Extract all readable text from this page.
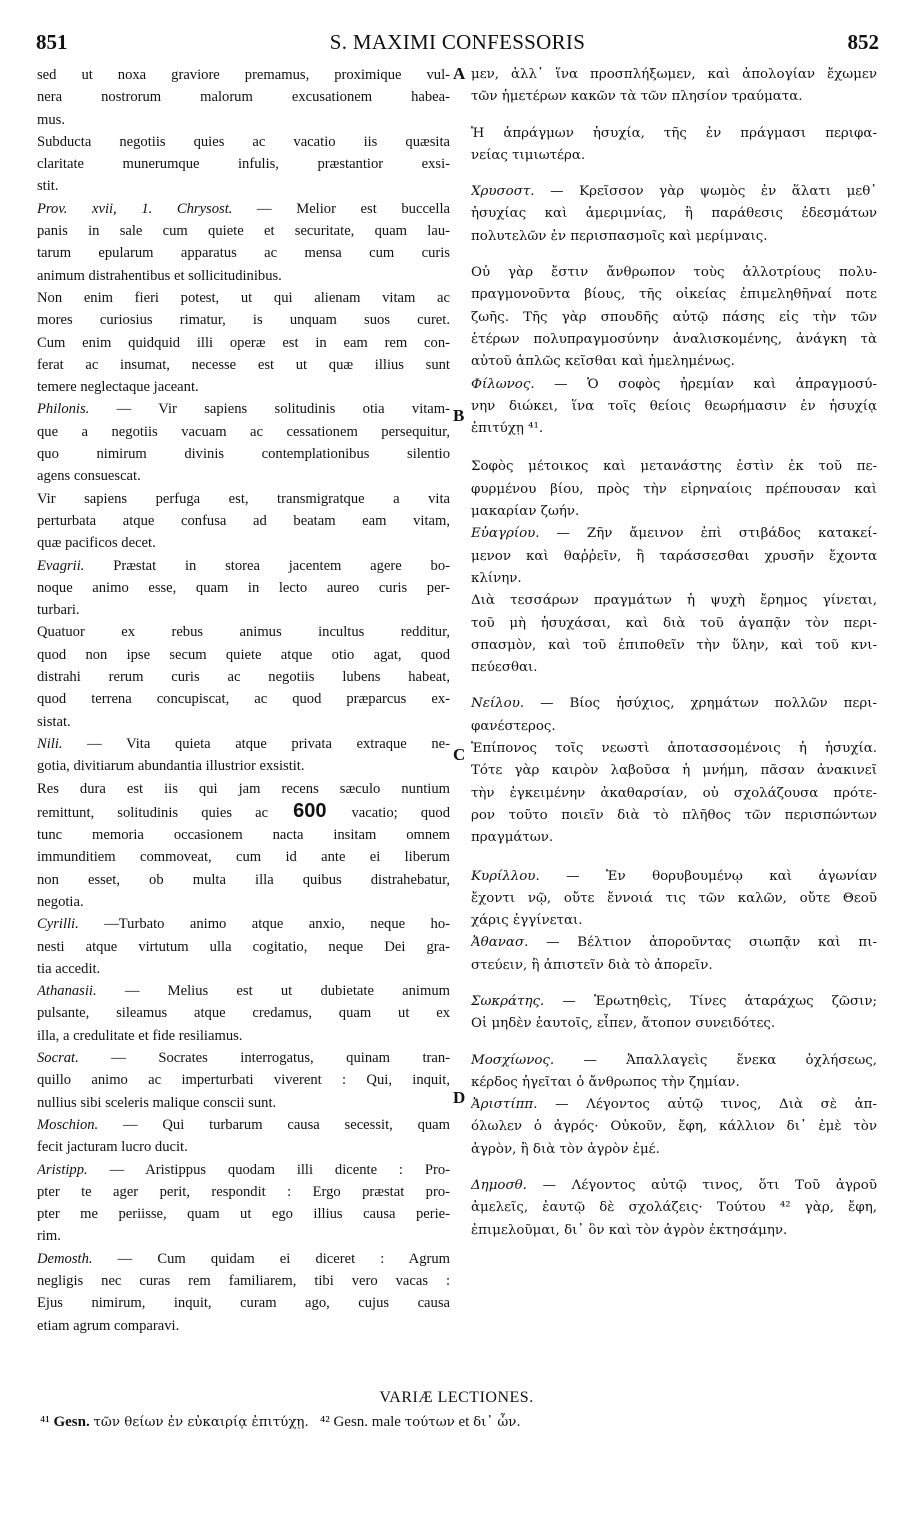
851	S. MAXIMI CONFESSORIS	852
A
B
C
D
sed ut noxa graviore premamus, proximique vul-
nera nostrorum malorum excusationem habea-
mus.
Subducta negotiis quies ac vacatio iis quæsita
claritate munerumque infulis, præstantior exsi-
stit.
Prov. xvii, 1. Chrysost. — Melior est buccella
panis in sale cum quiete et securitate, quam lau-
tarum epularum apparatus ac mensa cum curis
animum distrahentibus et sollicitudinibus.
Non enim fieri potest, ut qui alienam vitam ac
mores curiosius rimatur, is unquam suos curet.
Cum enim quidquid illi operæ est in eam rem con-
ferat ac insumat, necesse est ut quæ illius sunt
temere neglectaque jaceant.
Philonis. — Vir sapiens solitudinis otia vitam-
que a negotiis vacuam ac cessationem persequitur,
quo nimirum divinis contemplationibus silentio
agens consuescat.
Vir sapiens perfuga est, transmigratque a vita
perturbata atque confusa ad beatam eam vitam,
quæ pacificos decet.
Evagrii. Præstat in storea jacentem agere bo-
noque animo esse, quam in lecto aureo curis per-
turbari.
Quatuor ex rebus animus incultus redditur,
quod non ipse secum quiete atque otio agat, quod
distrahi rerum curis ac negotiis lubens habeat,
quod terrena concupiscat, ac quod præparcus ex-
sistat.
Nili. — Vita quieta atque privata extraque ne-
gotia, divitiarum abundantia illustrior exsistit.
Res dura est iis qui jam recens sæculo nuntium
remittunt, solitudinis quies ac 600 vacatio; quod
tunc memoria occasionem nacta insitam omnem
immunditiem commoveat, cum id ante ei liberum
non esset, ob multa illa quibus distrahebatur,
negotia.
Cyrilli. —Turbato animo atque anxio, neque ho-
nesti atque virtutum ulla cogitatio, neque Dei gra-
tia accedit.
Athanasii. — Melius est ut dubietate animum
pulsante, sileamus atque credamus, quam ut ex
illa, a credulitate et fide resiliamus.
Socrat. — Socrates interrogatus, quinam tran-
quillo animo ac imperturbati viverent : Qui, inquit,
nullius sibi sceleris malique conscii sunt.
Moschion. — Qui turbarum causa secessit, quam
fecit jacturam lucro ducit.
Aristipp. — Aristippus quodam illi dicente : Pro-
pter te ager perit, respondit : Ergo præstat pro-
pter me periisse, quam ut ego illius causa perie-
rim.
Demosth. — Cum quidam ei diceret : Agrum
negligis nec curas rem familiarem, tibi vero vacas :
Ejus nimirum, inquit, curam ago, cujus causa
etiam agrum comparavi.
μεν, ἀλλ᾽ ἵνα προσπλήξωμεν, καὶ ἀπολογίαν ἔχωμεν
τῶν ἡμετέρων κακῶν τὰ τῶν πλησίον τραύματα.
Ἡ ἀπράγμων ἡσυχία, τῆς ἐν πράγμασι περιφα-
νείας τιμιωτέρα.
Χρυσοστ. — Κρεῖσσον γὰρ ψωμὸς ἐν ἅλατι μεθ᾽
ἡσυχίας καὶ ἀμεριμνίας, ἢ παράθεσις ἐδεσμάτων
πολυτελῶν ἐν περισπασμοῖς καὶ μερίμναις.
Οὐ γὰρ ἔστιν ἄνθρωπον τοὺς ἀλλοτρίους πολυ-
πραγμονοῦντα βίους, τῆς οἰκείας ἐπιμεληθῆναί ποτε
ζωῆς. Τῆς γὰρ σπουδῆς αὐτῷ πάσης εἰς τὴν τῶν
ἑτέρων πολυπραγμοσύνην ἀναλισκομένης, ἀνάγκη τὰ
αὐτοῦ ἁπλῶς κεῖσθαι καὶ ἠμελημένως.
Φίλωνος. — Ὁ σοφὸς ἠρεμίαν καὶ ἀπραγμοσύ-
νην διώκει, ἵνα τοῖς θείοις θεωρήμασιν ἐν ἡσυχίᾳ
ἐπιτύχῃ ⁴¹.
Σοφὸς μέτοικος καὶ μετανάστης ἐστὶν ἐκ τοῦ πε-
φυρμένου βίου, πρὸς τὴν εἰρηναίοις πρέπουσαν καὶ
μακαρίαν ζωήν.
Εὐαγρίου. — Ζῆν ἄμεινον ἐπὶ στιβάδος κατακεί-
μενον καὶ θαῤῥεῖν, ἢ ταράσσεσθαι χρυσῆν ἔχοντα
κλίνην.
Διὰ τεσσάρων πραγμάτων ἡ ψυχὴ ἔρημος γίνεται,
τοῦ μὴ ἡσυχάσαι, καὶ διὰ τοῦ ἀγαπᾷν τὸν περι-
σπασμὸν, καὶ τοῦ ἐπιποθεῖν τὴν ὕλην, καὶ τοῦ κνι-
πεύεσθαι.
Νείλου. — Βίος ἡσύχιος, χρημάτων πολλῶν περι-
φανέστερος.
Ἐπίπονος τοῖς νεωστὶ ἀποτασσομένοις ἡ ἡσυχία.
Τότε γὰρ καιρὸν λαβοῦσα ἡ μνήμη, πᾶσαν ἀνακινεῖ
τὴν ἐγκειμένην ἀκαθαρσίαν, οὐ σχολάζουσα πρότε-
ρον τοῦτο ποιεῖν διὰ τὸ πλῆθος τῶν περισπώντων
πραγμάτων.
Κυρίλλου. — Ἐν θορυβουμένῳ καὶ ἀγωνίαν
ἔχοντι νῷ, οὔτε ἔννοιά τις τῶν καλῶν, οὔτε Θεοῦ
χάρις ἐγγίνεται.
Ἀθανασ. — Βέλτιον ἀποροῦντας σιωπᾷν καὶ πι-
στεύειν, ἢ ἀπιστεῖν διὰ τὸ ἀπορεῖν.
Σωκράτης. — Ἐρωτηθεὶς, Τίνες ἀταράχως ζῶσιν;
Οἱ μηδὲν ἑαυτοῖς, εἶπεν, ἄτοπον συνειδότες.
Μοσχίωνος. — Ἀπαλλαγεὶς ἕνεκα ὀχλήσεως,
κέρδος ἡγεῖται ὁ ἄνθρωπος τὴν ζημίαν.
Ἀριστίππ. — Λέγοντος αὐτῷ τινος, Διὰ σὲ ἀπ-
όλωλεν ὁ ἀγρός· Οὐκοῦν, ἔφη, κάλλιον δι᾽ ἐμὲ τὸν
ἀγρὸν, ἢ διὰ τὸν ἀγρὸν ἐμέ.
Δημοσθ. — Λέγοντος αὐτῷ τινος, ὅτι Τοῦ ἀγροῦ
ἀμελεῖς, ἑαυτῷ δὲ σχολάζεις· Τούτου ⁴² γὰρ, ἔφη,
ἐπιμελοῦμαι, δι᾽ ὃν καὶ τὸν ἀγρὸν ἐκτησάμην.
VARIÆ LECTIONES.
⁴¹ Gesn. τῶν θείων ἐν εὐκαιρίᾳ ἐπιτύχῃ. ⁴² Gesn. male τούτων et δι᾽ ὧν.
